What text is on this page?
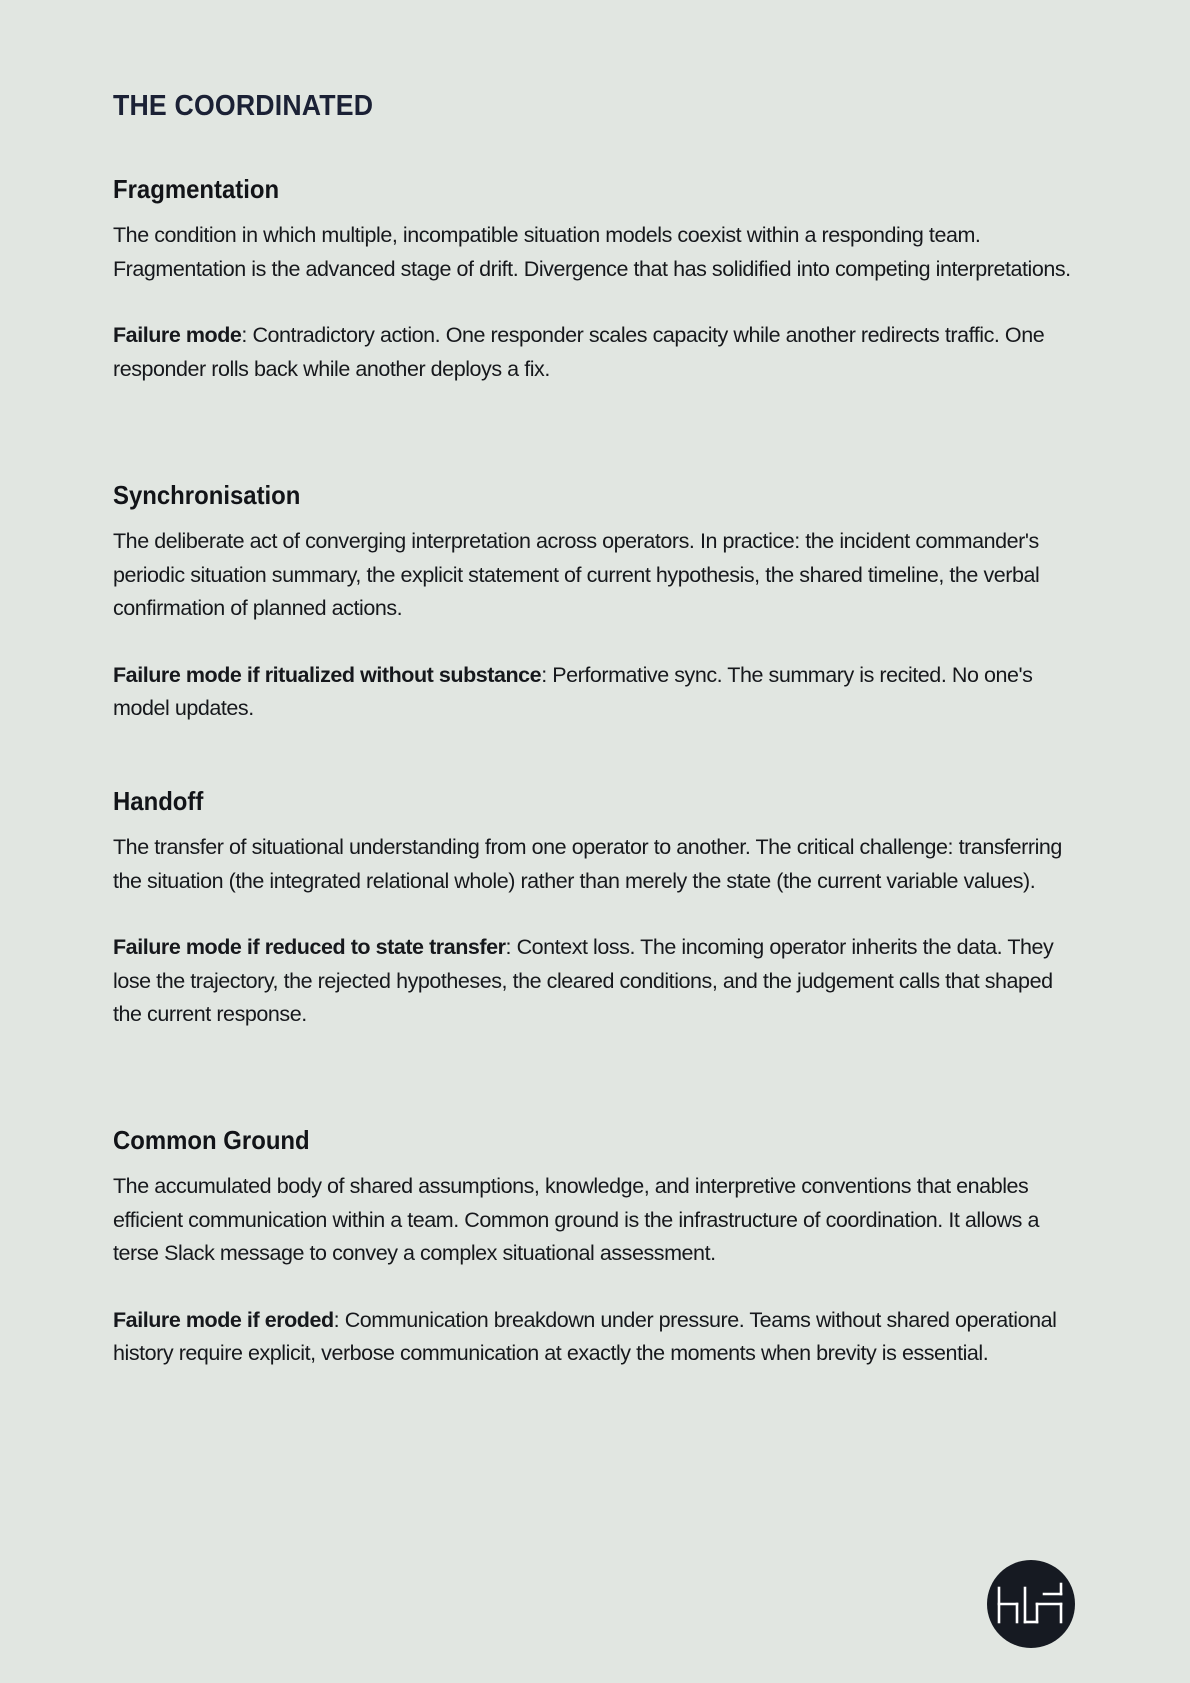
THE COORDINATED
Fragmentation

The condition in which multiple, incompatible situation models coexist within a responding team. Fragmentation is the advanced stage of drift. Divergence that has solidified into competing interpretations.

Failure mode: Contradictory action. One responder scales capacity while another redirects traffic. One responder rolls back while another deploys a fix.

Synchronisation

The deliberate act of converging interpretation across operators. In practice: the incident commander's periodic situation summary, the explicit statement of current hypothesis, the shared timeline, the verbal confirmation of planned actions.

Failure mode if ritualized without substance: Performative sync. The summary is recited. No one's model updates.

Handoff

The transfer of situational understanding from one operator to another. The critical challenge: transferring the situation (the integrated relational whole) rather than merely the state (the current variable values).

Failure mode if reduced to state transfer: Context loss. The incoming operator inherits the data. They lose the trajectory, the rejected hypotheses, the cleared conditions, and the judgement calls that shaped the current response.

Common Ground

The accumulated body of shared assumptions, knowledge, and interpretive conventions that enables efficient communication within a team. Common ground is the infrastructure of coordination. It allows a terse Slack message to convey a complex situational assessment.

Failure mode if eroded: Communication breakdown under pressure. Teams without shared operational history require explicit, verbose communication at exactly the moments when brevity is essential.
